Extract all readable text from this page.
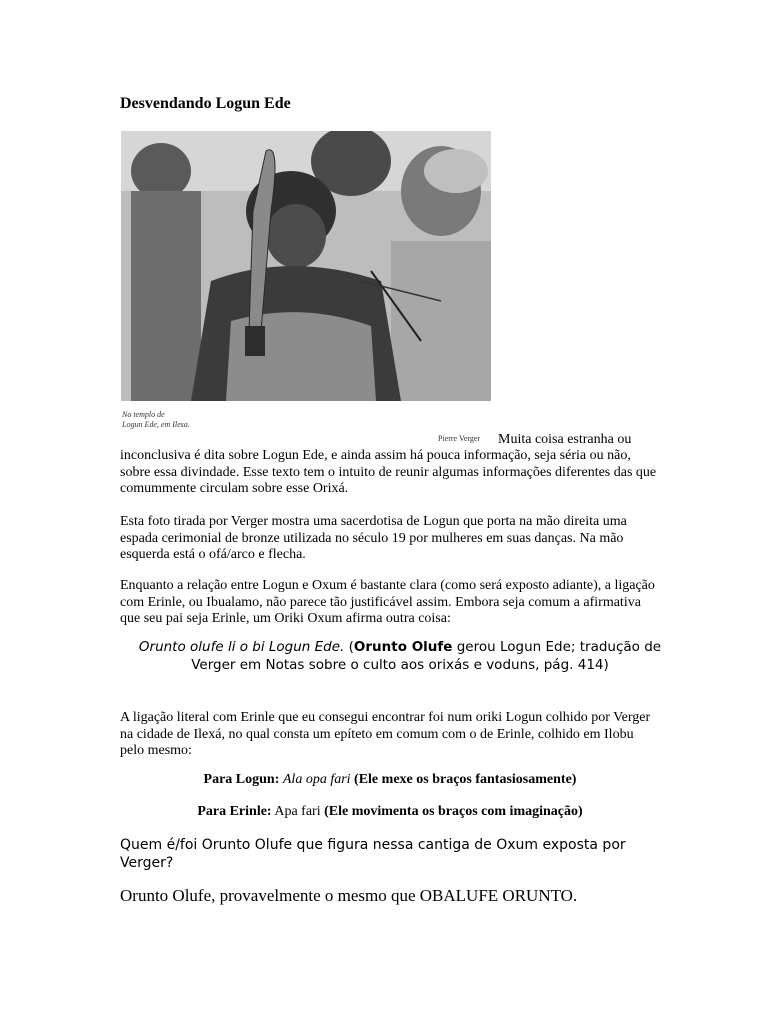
Desvendando Logun Ede
No templo de
Logun Ede, em Ilesa.
Pierre Verger Muita coisa estranha ou
inconclusiva é dita sobre Logun Ede, e ainda assim há pouca informação, seja séria ou não, sobre essa divindade. Esse texto tem o intuito de reunir algumas informações diferentes das que comummente circulam sobre esse Orixá.
Esta foto tirada por Verger mostra uma sacerdotisa de Logun que porta na mão direita uma espada cerimonial de bronze utilizada no século 19 por mulheres em suas danças. Na mão esquerda está o ofá/arco e flecha.
Enquanto a relação entre Logun e Oxum é bastante clara (como será exposto adiante), a ligação com Erinle, ou Ibualamo, não parece tão justificável assim. Embora seja comum a afirmativa que seu pai seja Erinle, um Oriki Oxum afirma outra coisa:
Orunto olufe li o bi Logun Ede. (Orunto Olufe gerou Logun Ede; tradução de Verger em Notas sobre o culto aos orixás e voduns, pág. 414)
A ligação literal com Erinle que eu consegui encontrar foi num oriki Logun colhido por Verger na cidade de Ilexá, no qual consta um epíteto em comum com o de Erinle, colhido em Ilobu pelo mesmo:
Para Logun: Ala opa fari (Ele mexe os braços fantasiosamente)
Para Erinle: Apa fari (Ele movimenta os braços com imaginação)
Quem é/foi Orunto Olufe que figura nessa cantiga de Oxum exposta por Verger?
Orunto Olufe, provavelmente o mesmo que OBALUFE ORUNTO.
